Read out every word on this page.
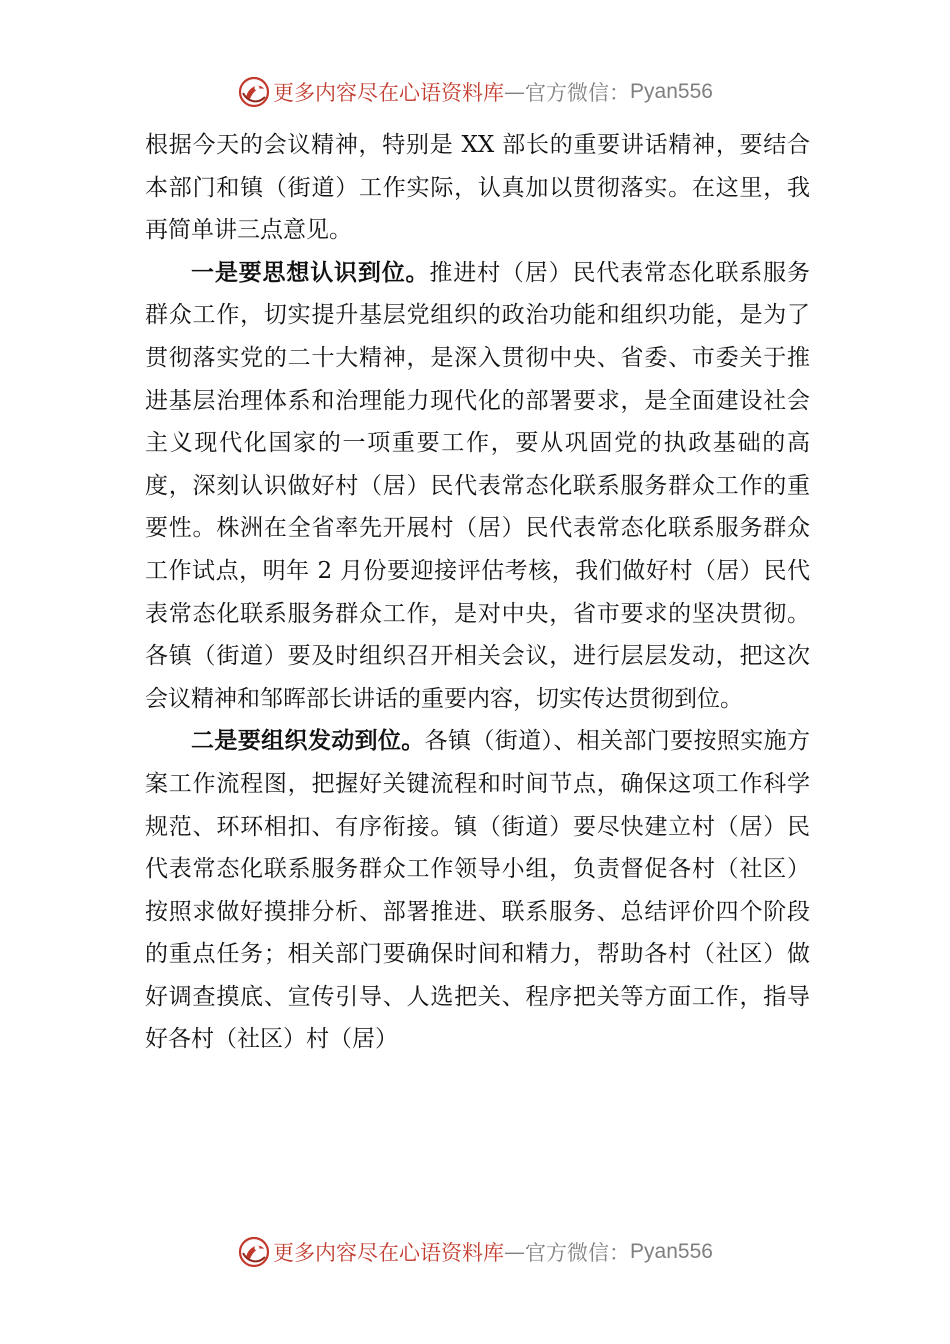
更多内容尽在心语资料库 — 官方微信： Pyan556

根据今天的会议精神，特别是 XX 部长的重要讲话精神，要结合本部门和镇（街道）工作实际，认真加以贯彻落实。在这里，我再简单讲三点意见。

一是要思想认识到位。推进村（居）民代表常态化联系服务群众工作，切实提升基层党组织的政治功能和组织功能，是为了贯彻落实党的二十大精神，是深入贯彻中央、省委、市委关于推进基层治理体系和治理能力现代化的部署要求，是全面建设社会主义现代化国家的一项重要工作，要从巩固党的执政基础的高度，深刻认识做好村（居）民代表常态化联系服务群众工作的重要性。株洲在全省率先开展村（居）民代表常态化联系服务群众工作试点，明年 2 月份要迎接评估考核，我们做好村（居）民代表常态化联系服务群众工作，是对中央，省市要求的坚决贯彻。各镇（街道）要及时组织召开相关会议，进行层层发动，把这次会议精神和邹晖部长讲话的重要内容，切实传达贯彻到位。

二是要组织发动到位。各镇（街道）、相关部门要按照实施方案工作流程图，把握好关键流程和时间节点，确保这项工作科学规范、环环相扣、有序衔接。镇（街道）要尽快建立村（居）民代表常态化联系服务群众工作领导小组，负责督促各村（社区）按照求做好摸排分析、部署推进、联系服务、总结评价四个阶段的重点任务；相关部门要确保时间和精力，帮助各村（社区）做好调查摸底、宣传引导、人选把关、程序把关等方面工作，指导好各村（社区）村（居）

更多内容尽在心语资料库 — 官方微信： Pyan556
